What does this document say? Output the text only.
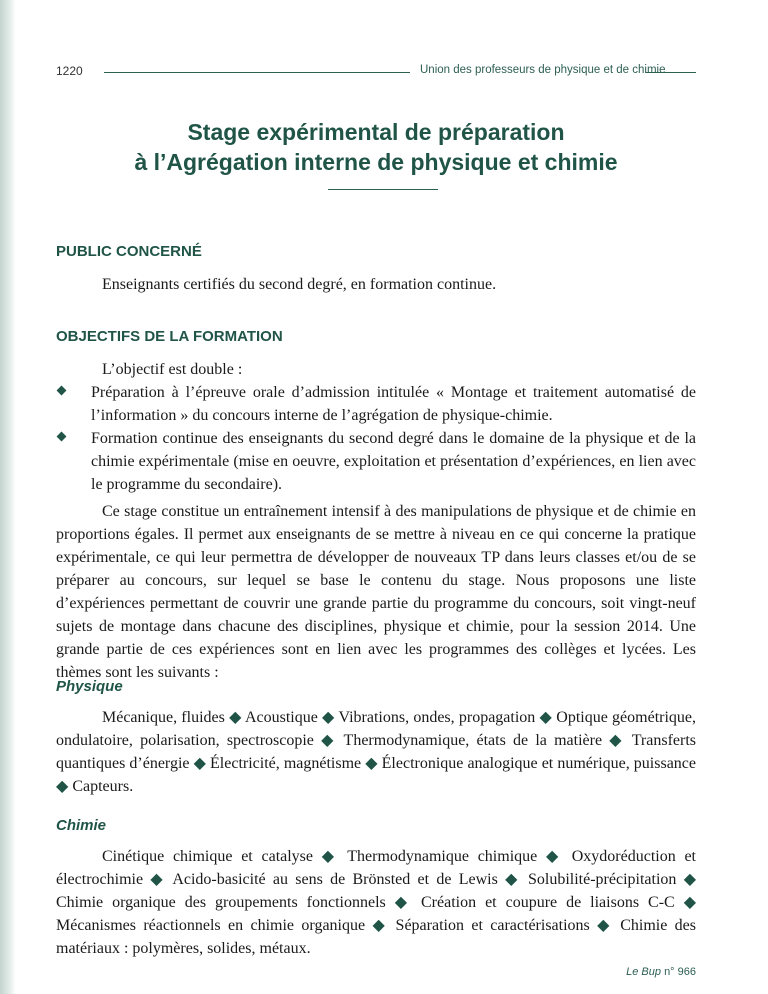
1220	Union des professeurs de physique et de chimie
Stage expérimental de préparation
à l’Agrégation interne de physique et chimie
PUBLIC CONCERNÉ

Enseignants certifiés du second degré, en formation continue.

OBJECTIFS DE LA FORMATION

L’objectif est double :

Préparation à l’épreuve orale d’admission intitulée « Montage et traitement automatisé de l’information » du concours interne de l’agrégation de physique-chimie.
Formation continue des enseignants du second degré dans le domaine de la physique et de la chimie expérimentale (mise en oeuvre, exploitation et présentation d’expériences, en lien avec le programme du secondaire).

Ce stage constitue un entraînement intensif à des manipulations de physique et de chimie en proportions égales. Il permet aux enseignants de se mettre à niveau en ce qui concerne la pratique expérimentale, ce qui leur permettra de développer de nouveaux TP dans leurs classes et/ou de se préparer au concours, sur lequel se base le contenu du stage. Nous proposons une liste d’expériences permettant de couvrir une grande partie du programme du concours, soit vingt-neuf sujets de montage dans chacune des disciplines, physique et chimie, pour la session 2014. Une grande partie de ces expériences sont en lien avec les programmes des collèges et lycées. Les thèmes sont les suivants :

Physique

Mécanique, fluides ◆ Acoustique ◆ Vibrations, ondes, propagation ◆ Optique géométrique, ondulatoire, polarisation, spectroscopie ◆ Thermodynamique, états de la matière ◆ Transferts quantiques d’énergie ◆ Électricité, magnétisme ◆ Électronique analogique et numérique, puissance ◆ Capteurs.

Chimie

Cinétique chimique et catalyse ◆ Thermodynamique chimique ◆ Oxydoréduction et électrochimie ◆ Acido-basicité au sens de Brönsted et de Lewis ◆ Solubilité-précipitation ◆ Chimie organique des groupements fonctionnels ◆ Création et coupure de liaisons C-C ◆ Mécanismes réactionnels en chimie organique ◆ Séparation et caractérisations ◆ Chimie des matériaux : polymères, solides, métaux.

Le Bup n° 966
